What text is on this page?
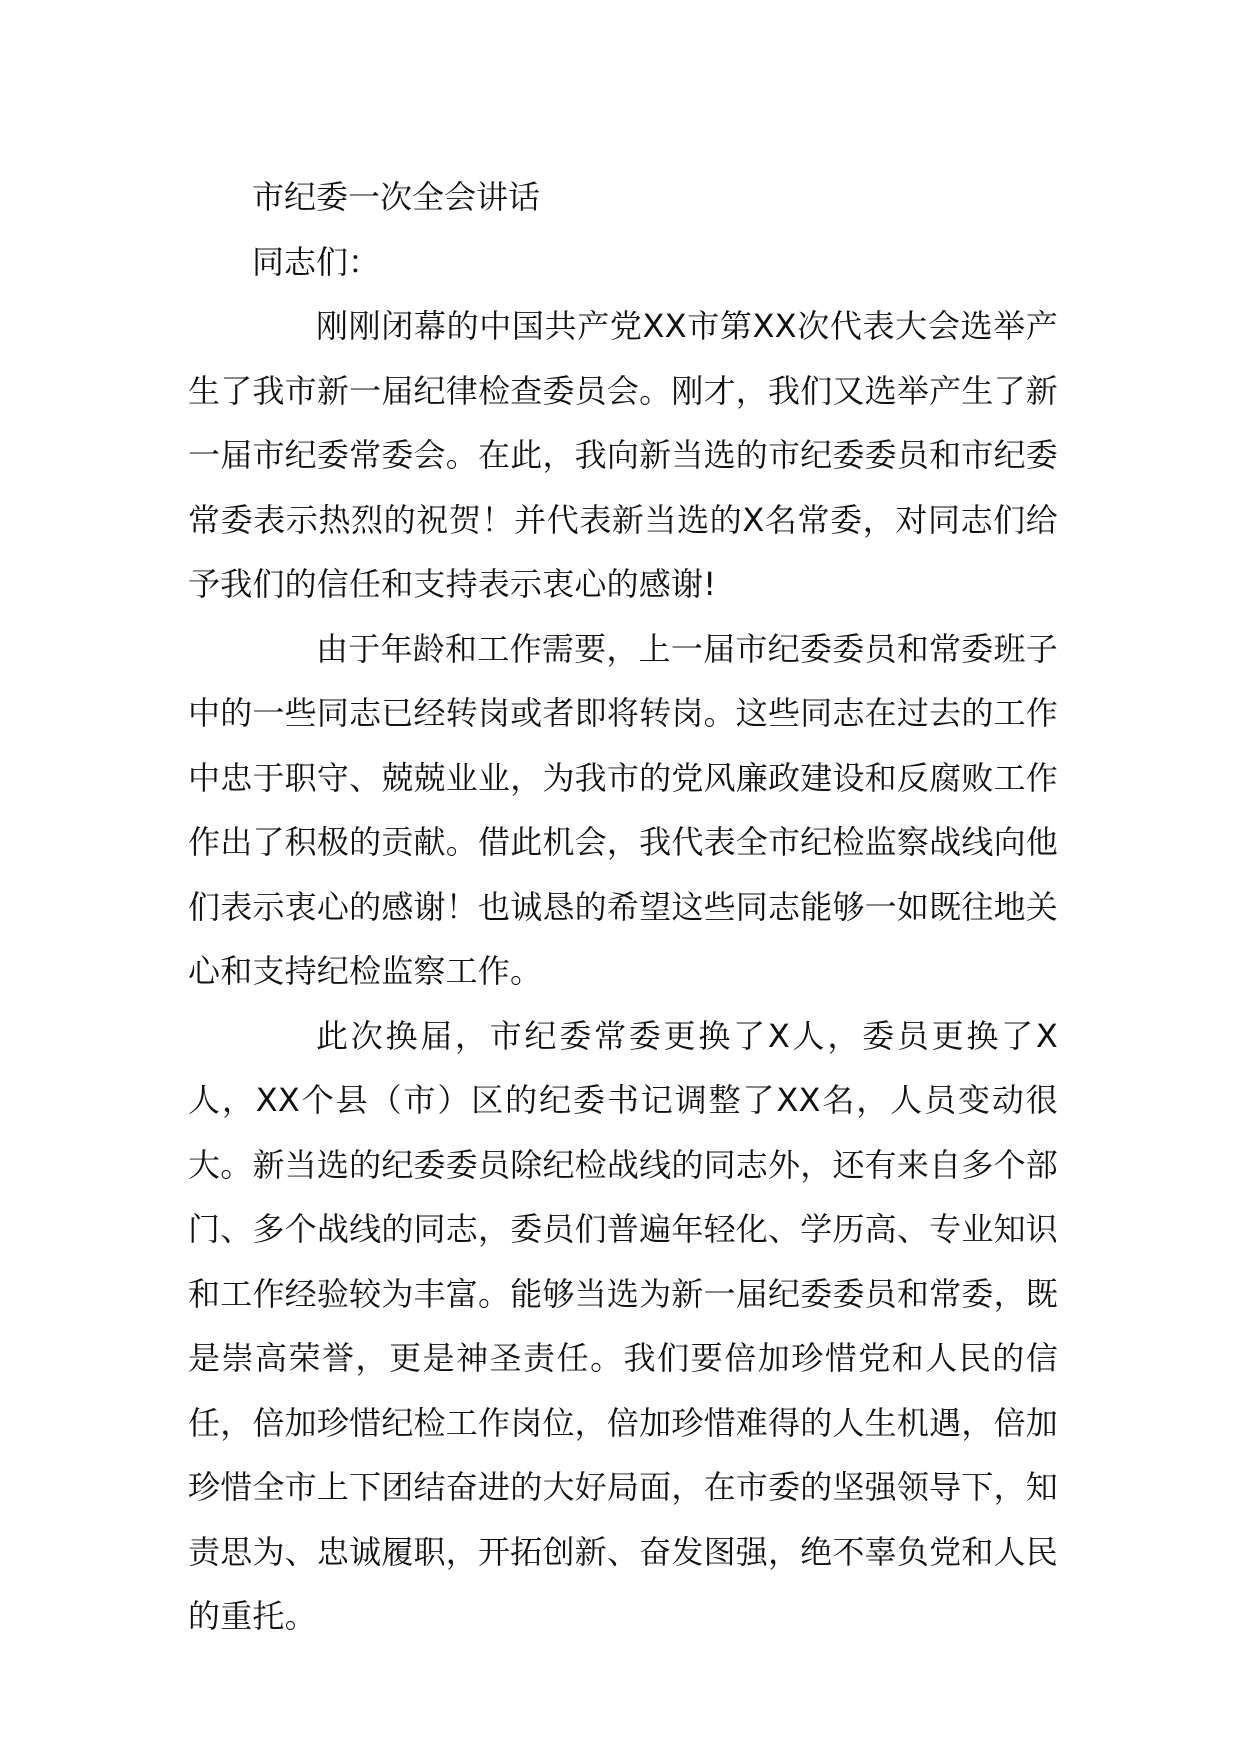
市纪委一次全会讲话

同志们：

刚刚闭幕的中国共产党XX市第XX次代表大会选举产生了我市新一届纪律检查委员会。刚才，我们又选举产生了新一届市纪委常委会。在此，我向新当选的市纪委委员和市纪委常委表示热烈的祝贺！并代表新当选的X名常委，对同志们给予我们的信任和支持表示衷心的感谢!

由于年龄和工作需要，上一届市纪委委员和常委班子中的一些同志已经转岗或者即将转岗。这些同志在过去的工作中忠于职守、兢兢业业，为我市的党风廉政建设和反腐败工作作出了积极的贡献。借此机会，我代表全市纪检监察战线向他们表示衷心的感谢！也诚恳的希望这些同志能够一如既往地关心和支持纪检监察工作。

此次换届，市纪委常委更换了X人，委员更换了X人，XX个县（市）区的纪委书记调整了XX名，人员变动很大。新当选的纪委委员除纪检战线的同志外，还有来自多个部门、多个战线的同志，委员们普遍年轻化、学历高、专业知识和工作经验较为丰富。能够当选为新一届纪委委员和常委，既是崇高荣誉，更是神圣责任。我们要倍加珍惜党和人民的信任，倍加珍惜纪检工作岗位，倍加珍惜难得的人生机遇，倍加珍惜全市上下团结奋进的大好局面，在市委的坚强领导下，知责思为、忠诚履职，开拓创新、奋发图强，绝不辜负党和人民的重托。
